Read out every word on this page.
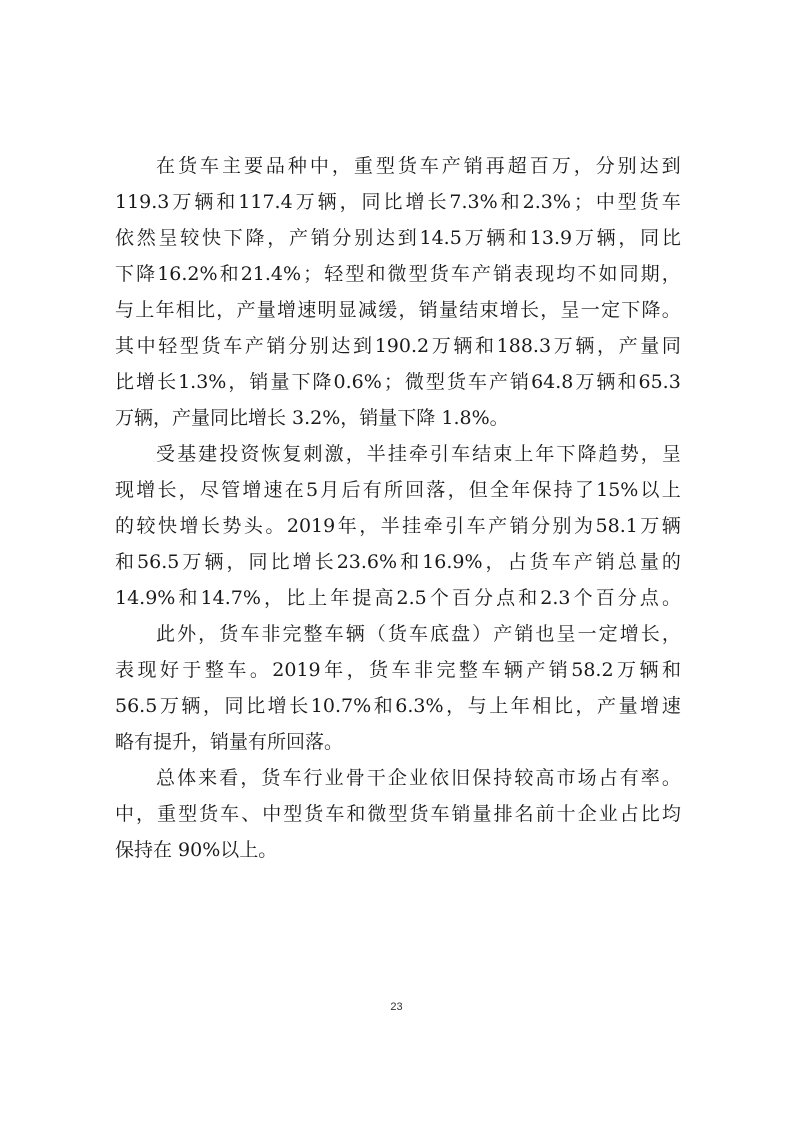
在 货 车 主 要 品 种 中 ， 重 型 货 车 产 销 再 超 百 万 ， 分 别 达 到
119.3 万 辆 和 117.4 万 辆 ， 同 比 增 长 7.3% 和 2.3% ； 中 型 货 车
依 然 呈 较 快 下 降 ， 产 销 分 别 达 到 14.5 万 辆 和 13.9 万 辆 ， 同 比
下 降 16.2% 和 21.4% ； 轻 型 和 微 型 货 车 产 销 表 现 均 不 如 同 期 ，
与 上 年 相 比 ， 产 量 增 速 明 显 减 缓 ， 销 量 结 束 增 长 ， 呈 一 定 下 降 。
其 中 轻 型 货 车 产 销 分 别 达 到 190.2 万 辆 和 188.3 万 辆 ， 产 量 同
比 增 长 1.3% ， 销 量 下 降 0.6% ； 微 型 货 车 产 销 64.8 万 辆 和 65.3
万辆，产量同比增长 3.2%，销量下降 1.8%。
受 基 建 投 资 恢 复 刺 激 ， 半 挂 牵 引 车 结 束 上 年 下 降 趋 势 ， 呈
现 增 长 ， 尽 管 增 速 在 5 月 后 有 所 回 落 ， 但 全 年 保 持 了 15% 以 上
的 较 快 增 长 势 头 。 2019 年 ， 半 挂 牵 引 车 产 销 分 别 为 58.1 万 辆
和 56.5 万 辆 ， 同 比 增 长 23.6% 和 16.9% ， 占 货 车 产 销 总 量 的
14.9% 和 14.7% ， 比 上 年 提 高 2.5 个 百 分 点 和 2.3 个 百 分 点 。
此 外 ， 货 车 非 完 整 车 辆 （ 货 车 底 盘 ） 产 销 也 呈 一 定 增 长 ，
表 现 好 于 整 车 。 2019 年 ， 货 车 非 完 整 车 辆 产 销 58.2 万 辆 和
56.5 万 辆 ， 同 比 增 长 10.7% 和 6.3% ， 与 上 年 相 比 ， 产 量 增 速
略有提升，销量有所回落。
总 体 来 看 ， 货 车 行 业 骨 干 企 业 依 旧 保 持 较 高 市 场 占 有 率 。
中 ， 重 型 货 车 、 中 型 货 车 和 微 型 货 车 销 量 排 名 前 十 企 业 占 比 均
保持在 90%以上。
23
